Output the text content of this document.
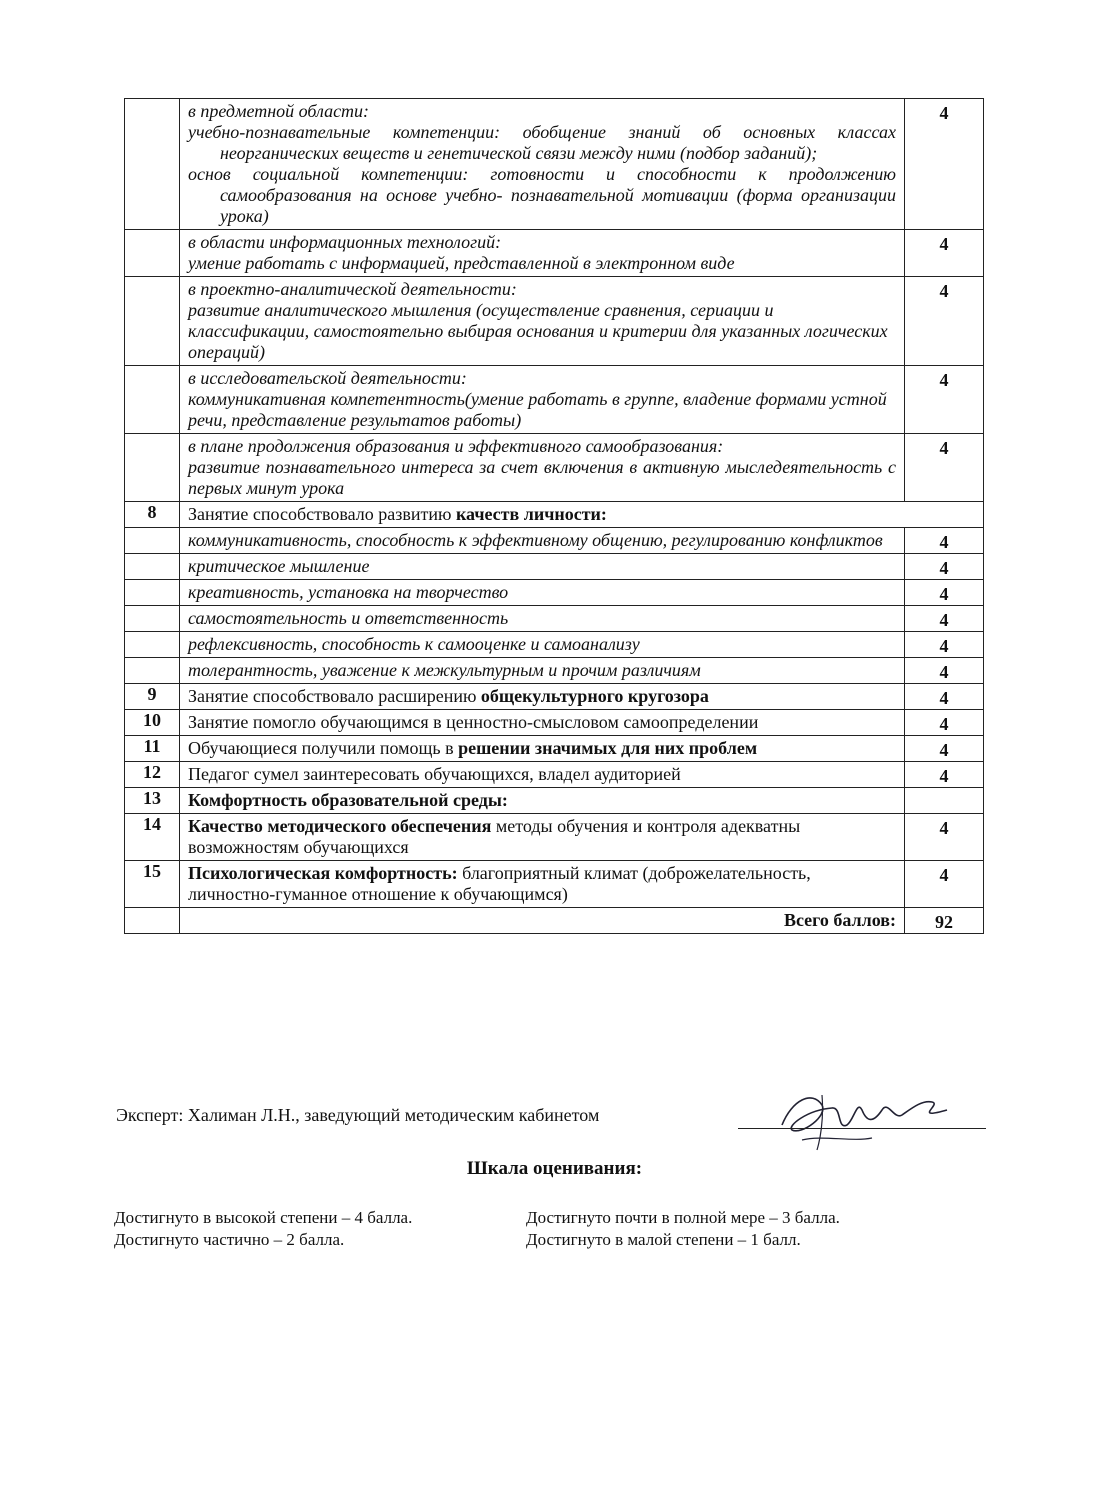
	в предметной области:
учебно-познавательные компетенции: обобщение знаний об основных классах неорганических веществ и генетической связи между ними (подбор заданий);
основ социальной компетенции: готовности и способности к продолжению самообразования на основе учебно- познавательной мотивации (форма организации урока)	4

	в области информационных технологий:
умение работать с информацией, представленной в электронном виде	4

	в проектно-аналитической деятельности:
развитие аналитического мышления (осуществление сравнения, сериации и классификации, самостоятельно выбирая основания и критерии для указанных логических операций)	4

	в исследовательской деятельности:
коммуникативная компетентность(умение работать в группе, владение формами устной речи, представление результатов работы)	4

	в плане продолжения образования и эффективного самообразования:
развитие познавательного интереса за счет включения в активную мыследеятельность с первых минут урока	4
8	Занятие способствовало развитию качеств личности:	
	коммуникативность, способность к эффективному общению, регулированию конфликтов	4
	критическое мышление	4
	креативность, установка на творчество	4
	самостоятельность и ответственность	4
	рефлексивность, способность к самооценке и самоанализу	4
	толерантность, уважение к межкультурным и прочим различиям	4
9	Занятие способствовало расширению общекультурного кругозора	4
10	Занятие помогло обучающимся в ценностно-смысловом самоопределении	4
11	Обучающиеся получили помощь в решении значимых для них проблем	4
12	Педагог сумел заинтересовать обучающихся, владел аудиторией	4
13	Комфортность образовательной среды:	
14	Качество методического обеспечения методы обучения и контроля адекватны возможностям обучающихся	4
15	Психологическая комфортность: благоприятный климат (доброжелательность, личностно-гуманное отношение к обучающимся)	4
	Всего баллов:	92
Эксперт: Халиман Л.Н., заведующий методическим кабинетом
Шкала оценивания:
Достигнуто в высокой степени – 4 балла.	Достигнуто почти в полной мере – 3 балла.
Достигнуто частично – 2 балла.	Достигнуто в малой степени – 1 балл.
